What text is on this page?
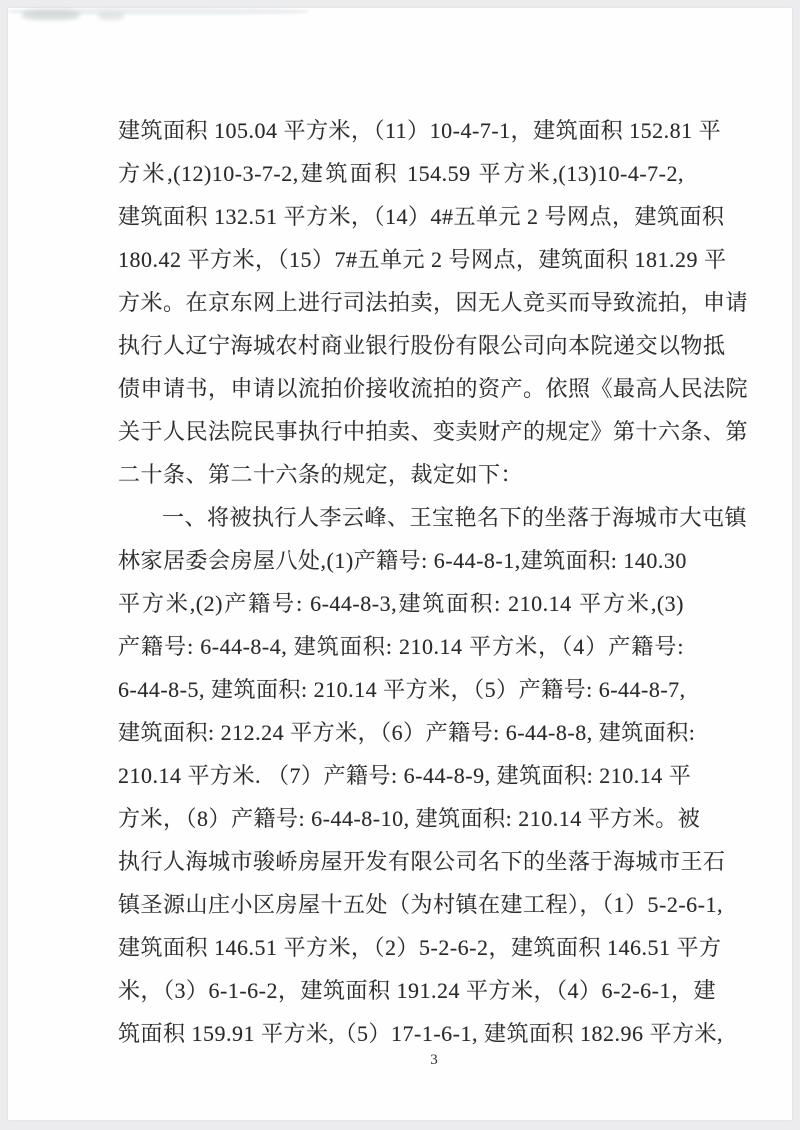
建筑面积 105.04 平方米，（11）10-4-7-1，建筑面积 152.81 平
方米,(12)10-3-7-2,建筑面积 154.59 平方米,(13)10-4-7-2,
建筑面积 132.51 平方米，（14）4#五单元 2 号网点，建筑面积
180.42 平方米，（15）7#五单元 2 号网点，建筑面积 181.29 平
方米。在京东网上进行司法拍卖，因无人竞买而导致流拍，申请
执行人辽宁海城农村商业银行股份有限公司向本院递交以物抵
债申请书，申请以流拍价接收流拍的资产。依照《最高人民法院
关于人民法院民事执行中拍卖、变卖财产的规定》第十六条、第
二十条、第二十六条的规定，裁定如下：
一、将被执行人李云峰、王宝艳名下的坐落于海城市大屯镇
林家居委会房屋八处,(1)产籍号: 6-44-8-1,建筑面积: 140.30
平方米,(2)产籍号: 6-44-8-3,建筑面积: 210.14 平方米,(3)
产籍号: 6-44-8-4, 建筑面积: 210.14 平方米，（4）产籍号:
6-44-8-5, 建筑面积: 210.14 平方米，（5）产籍号: 6-44-8-7,
建筑面积: 212.24 平方米，（6）产籍号: 6-44-8-8, 建筑面积:
210.14 平方米. （7）产籍号: 6-44-8-9, 建筑面积: 210.14 平
方米，（8）产籍号: 6-44-8-10, 建筑面积: 210.14 平方米。被
执行人海城市骏峤房屋开发有限公司名下的坐落于海城市王石
镇圣源山庄小区房屋十五处（为村镇在建工程），（1）5-2-6-1,
建筑面积 146.51 平方米，（2）5-2-6-2，建筑面积 146.51 平方
米，（3）6-1-6-2，建筑面积 191.24 平方米，（4）6-2-6-1，建
筑面积 159.91 平方米,（5）17-1-6-1, 建筑面积 182.96 平方米,
3
